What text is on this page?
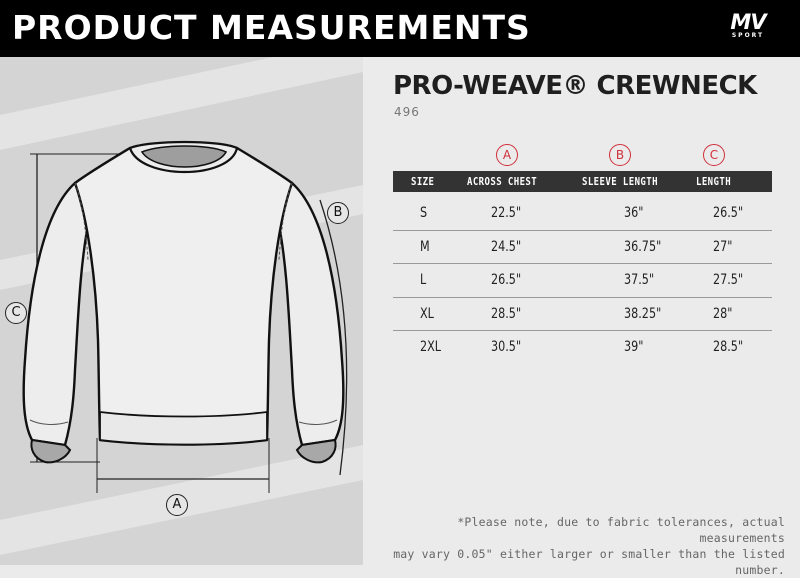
PRODUCT MEASUREMENTS	MV
SPORT
C
B
A
PRO-WEAVE® CREWNECK
496
A	B	C
SIZE	ACROSS CHEST	SLEEVE LENGTH	LENGTH
S	22.5"	36"	26.5"
M	24.5"	36.75"	27"
L	26.5"	37.5"	27.5"
XL	28.5"	38.25"	28"
2XL	30.5"	39"	28.5"
*Please note, due to fabric tolerances, actual measurements
may vary 0.05" either larger or smaller than the listed number.
